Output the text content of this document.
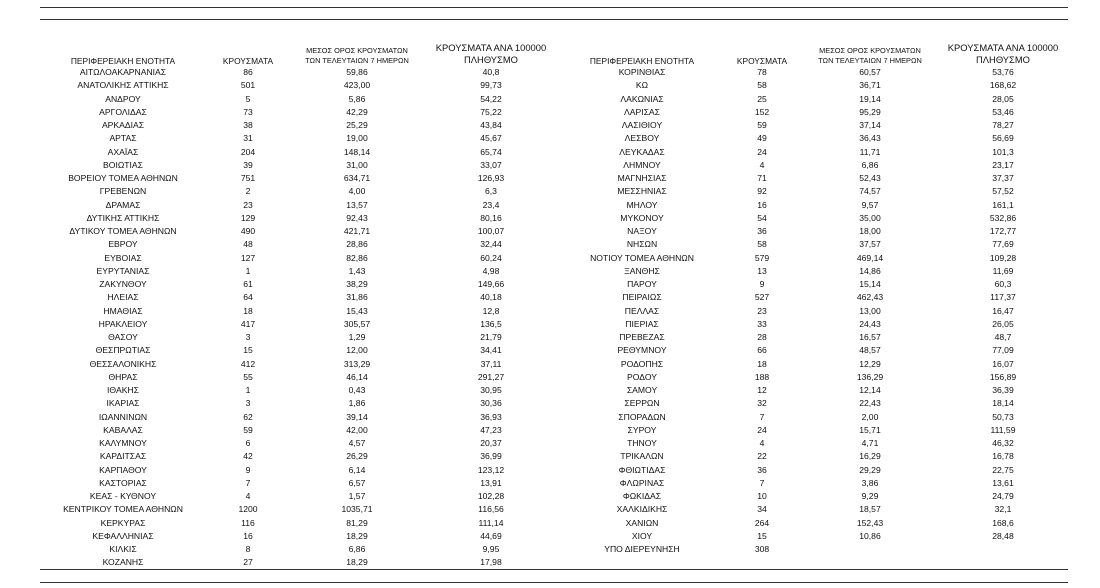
ΠΕΡΙΦΕΡΕΙΑΚΗ ΕΝΟΤΗΤΑ	ΚΡΟΥΣΜΑΤΑ	ΜΕΣΟΣ ΟΡΟΣ ΚΡΟΥΣΜΑΤΩΝ
ΤΩΝ ΤΕΛΕΥΤΑΙΩΝ 7 ΗΜΕΡΩΝ	ΚΡΟΥΣΜΑΤΑ ΑΝΑ 100000
ΠΛΗΘΥΣΜΟ

ΑΙΤΩΛΟΑΚΑΡΝΑΝΙΑΣ	86	59,86	40,8
ΑΝΑΤΟΛΙΚΗΣ ΑΤΤΙΚΗΣ	501	423,00	99,73
ΑΝΔΡΟΥ	5	5,86	54,22
ΑΡΓΟΛΙΔΑΣ	73	42,29	75,22
ΑΡΚΑΔΙΑΣ	38	25,29	43,84
ΑΡΤΑΣ	31	19,00	45,67
ΑΧΑΪΑΣ	204	148,14	65,74
ΒΟΙΩΤΙΑΣ	39	31,00	33,07
ΒΟΡΕΙΟΥ ΤΟΜΕΑ ΑΘΗΝΩΝ	751	634,71	126,93
ΓΡΕΒΕΝΩΝ	2	4,00	6,3
ΔΡΑΜΑΣ	23	13,57	23,4
ΔΥΤΙΚΗΣ ΑΤΤΙΚΗΣ	129	92,43	80,16
ΔΥΤΙΚΟΥ ΤΟΜΕΑ ΑΘΗΝΩΝ	490	421,71	100,07
ΕΒΡΟΥ	48	28,86	32,44
ΕΥΒΟΙΑΣ	127	82,86	60,24
ΕΥΡΥΤΑΝΙΑΣ	1	1,43	4,98
ΖΑΚΥΝΘΟΥ	61	38,29	149,66
ΗΛΕΙΑΣ	64	31,86	40,18
ΗΜΑΘΙΑΣ	18	15,43	12,8
ΗΡΑΚΛΕΙΟΥ	417	305,57	136,5
ΘΑΣΟΥ	3	1,29	21,79
ΘΕΣΠΡΩΤΙΑΣ	15	12,00	34,41
ΘΕΣΣΑΛΟΝΙΚΗΣ	412	313,29	37,11
ΘΗΡΑΣ	55	46,14	291,27
ΙΘΑΚΗΣ	1	0,43	30,95
ΙΚΑΡΙΑΣ	3	1,86	30,36
ΙΩΑΝΝΙΝΩΝ	62	39,14	36,93
ΚΑΒΑΛΑΣ	59	42,00	47,23
ΚΑΛΥΜΝΟΥ	6	4,57	20,37
ΚΑΡΔΙΤΣΑΣ	42	26,29	36,99
ΚΑΡΠΑΘΟΥ	9	6,14	123,12
ΚΑΣΤΟΡΙΑΣ	7	6,57	13,91
ΚΕΑΣ - ΚΥΘΝΟΥ	4	1,57	102,28
ΚΕΝΤΡΙΚΟΥ ΤΟΜΕΑ ΑΘΗΝΩΝ	1200	1035,71	116,56
ΚΕΡΚΥΡΑΣ	116	81,29	111,14
ΚΕΦΑΛΛΗΝΙΑΣ	16	18,29	44,69
ΚΙΛΚΙΣ	8	6,86	9,95
ΚΟΖΑΝΗΣ	27	18,29	17,98
ΠΕΡΙΦΕΡΕΙΑΚΗ ΕΝΟΤΗΤΑ	ΚΡΟΥΣΜΑΤΑ	ΜΕΣΟΣ ΟΡΟΣ ΚΡΟΥΣΜΑΤΩΝ
ΤΩΝ ΤΕΛΕΥΤΑΙΩΝ 7 ΗΜΕΡΩΝ	ΚΡΟΥΣΜΑΤΑ ΑΝΑ 100000
ΠΛΗΘΥΣΜΟ

ΚΟΡΙΝΘΙΑΣ	78	60,57	53,76
ΚΩ	58	36,71	168,62
ΛΑΚΩΝΙΑΣ	25	19,14	28,05
ΛΑΡΙΣΑΣ	152	95,29	53,46
ΛΑΣΙΘΙΟΥ	59	37,14	78,27
ΛΕΣΒΟΥ	49	36,43	56,69
ΛΕΥΚΑΔΑΣ	24	11,71	101,3
ΛΗΜΝΟΥ	4	6,86	23,17
ΜΑΓΝΗΣΙΑΣ	71	52,43	37,37
ΜΕΣΣΗΝΙΑΣ	92	74,57	57,52
ΜΗΛΟΥ	16	9,57	161,1
ΜΥΚΟΝΟΥ	54	35,00	532,86
ΝΑΞΟΥ	36	18,00	172,77
ΝΗΣΩΝ	58	37,57	77,69
ΝΟΤΙΟΥ ΤΟΜΕΑ ΑΘΗΝΩΝ	579	469,14	109,28
ΞΑΝΘΗΣ	13	14,86	11,69
ΠΑΡΟΥ	9	15,14	60,3
ΠΕΙΡΑΙΩΣ	527	462,43	117,37
ΠΕΛΛΑΣ	23	13,00	16,47
ΠΙΕΡΙΑΣ	33	24,43	26,05
ΠΡΕΒΕΖΑΣ	28	16,57	48,7
ΡΕΘΥΜΝΟΥ	66	48,57	77,09
ΡΟΔΟΠΗΣ	18	12,29	16,07
ΡΟΔΟΥ	188	136,29	156,89
ΣΑΜΟΥ	12	12,14	36,39
ΣΕΡΡΩΝ	32	22,43	18,14
ΣΠΟΡΑΔΩΝ	7	2,00	50,73
ΣΥΡΟΥ	24	15,71	111,59
ΤΗΝΟΥ	4	4,71	46,32
ΤΡΙΚΑΛΩΝ	22	16,29	16,78
ΦΘΙΩΤΙΔΑΣ	36	29,29	22,75
ΦΛΩΡΙΝΑΣ	7	3,86	13,61
ΦΩΚΙΔΑΣ	10	9,29	24,79
ΧΑΛΚΙΔΙΚΗΣ	34	18,57	32,1
ΧΑΝΙΩΝ	264	152,43	168,6
ΧΙΟΥ	15	10,86	28,48
ΥΠΟ ΔΙΕΡΕΥΝΗΣΗ	308		
